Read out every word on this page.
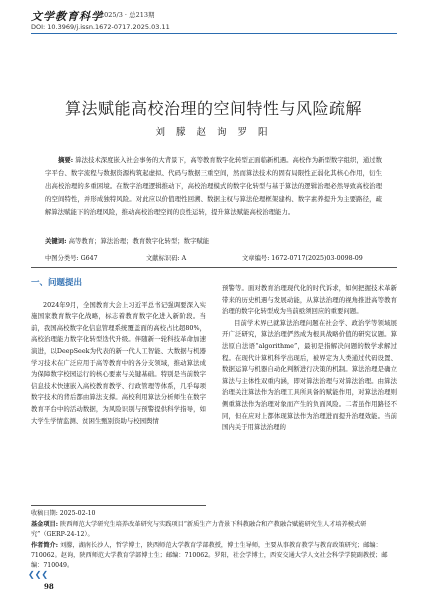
文学教育科学
2025/3 · 总213期
DOI: 10.3969/j.issn.1672-0717.2025.03.11
算法赋能高校治理的空间特性与风险疏解
刘 朦 赵 询 罗 阳
摘要: 算法技术深度嵌入社会事务的大背景下，高等教育数字化转型正面临新机遇。高校作为新型数字组织，通过数字平台、数字流程与数据资源构筑起虚拟、代码与数据三重空间，然而算法技术的固有局限性正弱化其核心作用，衍生出高校治理的多重困境。在数字治理逻辑推动下，高校治理模式的数字化转型与基于算法的逻辑治理必然导致高校治理的空间特性，并形成独特风险。对此应以价值理性回溯、数据主权与算法伦理框架建构、数字素养提升为主要路径，疏解算法赋能下的治理风险，推动高校治理空间的良性运转，提升算法赋能高校治理能力。
关键词: 高等教育；算法治理；教育数字化转型；数字赋能
中图分类号: G647	文献标识码: A	文章编号: 1672-0717(2025)03-0098-09
一、问题提出

2024年9月，全国教育大会上习近平总书记强调要深入实施国家教育数字化战略，标志着教育数字化进入新阶段。当前，我国高校数字化信息管理系统覆盖面的高校占比超80%，高校治理能力数字化转型迭代升级。伴随新一轮科技革命加速演进，以DeepSeek为代表的新一代人工智能、大数据与机器学习技术在广泛应用于高等教育中的各分支领域，推动算法成为保障数字校园运行的核心要素与关键基础。特别是当前数字信息技术快速嵌入高校教育教学、行政管理等体系，几乎每项数字技术的背后都由算法支撑。高校利用算法分析师生在数字教育平台中的活动数据，为风险识别与预警提供科学指导，如大学生学情监测、贫困生甄别资助与校园舆情

预警等。面对教育治理现代化的时代诉求，如何把握技术革新带来的历史机遇与发展动能，从算法治理的视角推进高等教育治理的数字化转型成为当前亟须回应的重要问题。

目前学术界已就算法治理问题在社会学、政治学等领域展开广泛研究，算法治理俨然成为根具战略价值的研究议题。算法原自法语“algorithme”，最初是指解决问题的数学求解过程。在现代计算机科学出现后，被界定为人类通过代码设置、数据运算与机器自动化判断进行决策的机制。算法治理是确立算法与主体性双重内涵，即对算法治理与对算法治理。由算法治理关注算法作为治理工具所具备的赋能作用，对算法治理则侧重算法作为治理对象而产生的负面风险。二者虽作用路径不同，但在应对上都体现算法作为治理进而提升治理效能。当前国内关于用算法治理的

收稿日期: 2025-02-10
基金项目: 陕西师范大学研究生培养改革研究与实践项目“新质生产力背景下科教融合和产教融合赋能研究生人才培养模式研究”（GERP-24-12）。
作者简介: 刘朦，湖南长沙人，哲学博士，陕西师范大学教育学部教授，博士生导师，主要从事教育教学与教育政策研究；邮编：710062。赵询，陕西师范大学教育学部博士生；邮编：710062。罗阳，社会学博士，西安交通大学人文社会科学学院副教授；邮编：710049。
❮❮❮
98
